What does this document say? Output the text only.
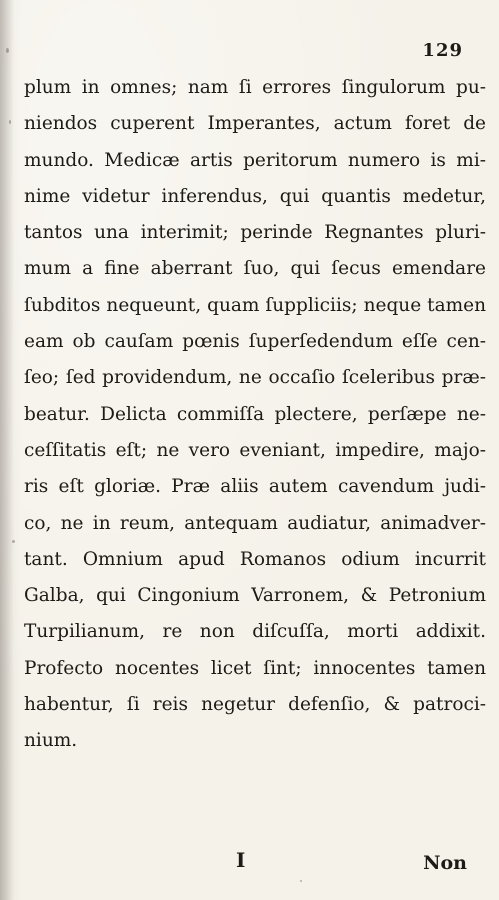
129
plum in omnes; nam ſi errores ſingulorum pu-
niendos cuperent Imperantes, actum foret de
mundo. Medicæ artis peritorum numero is mi-
nime videtur inferendus, qui quantis medetur,
tantos una interimit; perinde Regnantes pluri-
mum a fine aberrant ſuo, qui ſecus emendare
ſubditos nequeunt, quam ſuppliciis; neque tamen
eam ob cauſam pœnis ſuperſedendum eſſe cen-
ſeo; ſed providendum, ne occaſio ſceleribus præ-
beatur. Delicta commiſſa plectere, perſæpe ne-
ceſſitatis eſt; ne vero eveniant, impedire, majo-
ris eſt gloriæ. Præ aliis autem cavendum judi-
co, ne in reum, antequam audiatur, animadver-
tant. Omnium apud Romanos odium incurrit
Galba, qui Cingonium Varronem, & Petronium
Turpilianum, re non diſcuſſa, morti addixit.
Profecto nocentes licet ſint; innocentes tamen
habentur, ſi reis negetur defenſio, & patroci-
nium.
I	Non
